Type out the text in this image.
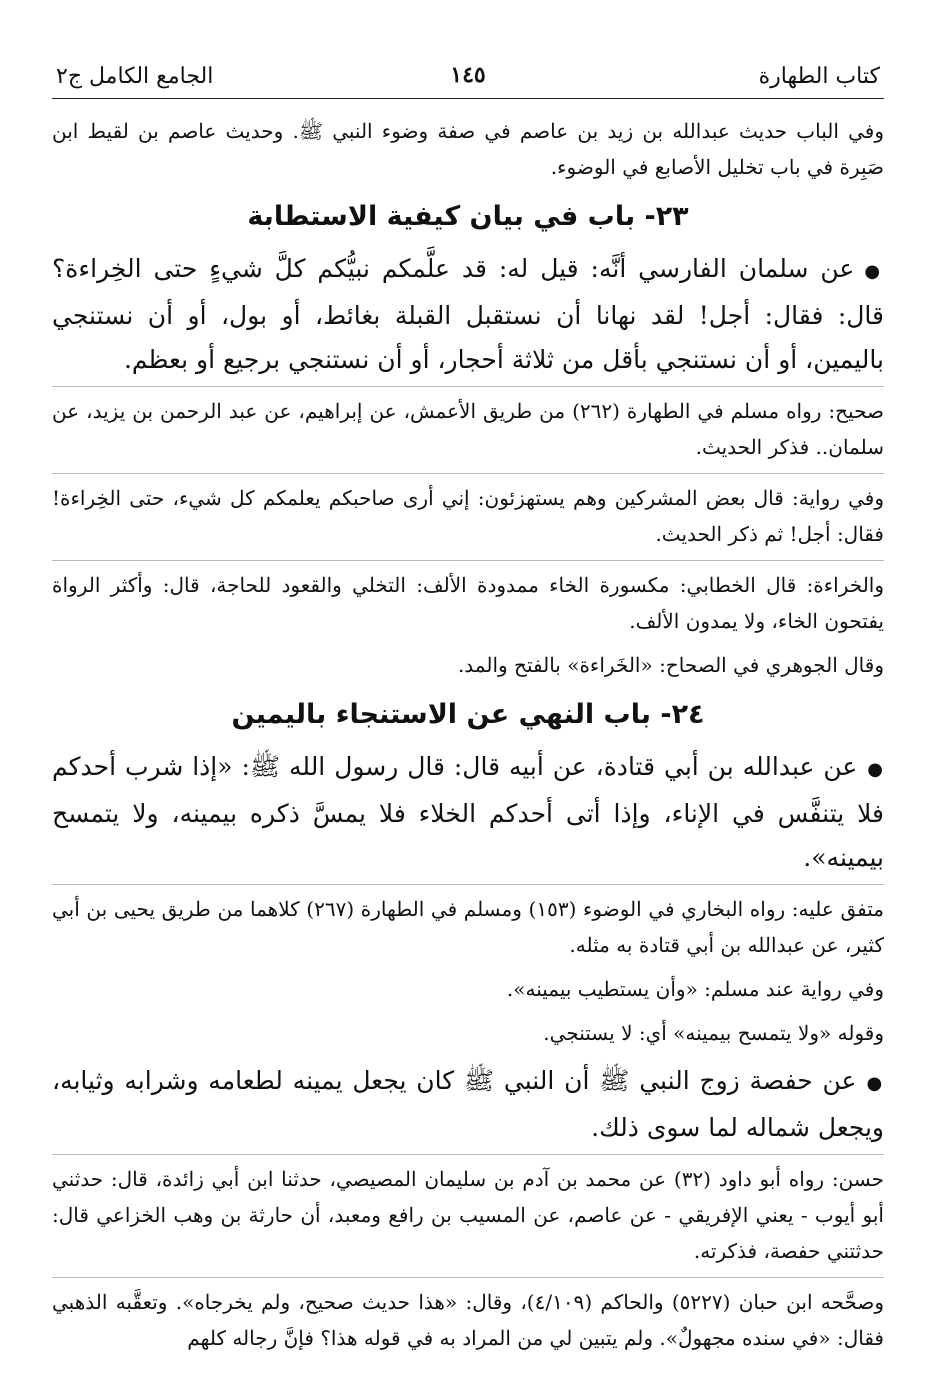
كتاب الطهارة
١٤٥
الجامع الكامل ج٢

وفي الباب حديث عبدالله بن زيد بن عاصم في صفة وضوء النبي ﷺ. وحديث عاصم بن لقيط ابن صَبِرة في باب تخليل الأصابع في الوضوء.

٢٣- باب في بيان كيفية الاستطابة

●عن سلمان الفارسي أنَّه: قيل له: قد علَّمكم نبيُّكم كلَّ شيءٍ حتى الخِراءة؟ قال: فقال: أجل! لقد نهانا أن نستقبل القبلة بغائط، أو بول، أو أن نستنجي باليمين، أو أن نستنجي بأقل من ثلاثة أحجار، أو أن نستنجي برجيع أو بعظم.

صحيح: رواه مسلم في الطهارة (٢٦٢) من طريق الأعمش، عن إبراهيم، عن عبد الرحمن بن يزيد، عن سلمان.. فذكر الحديث.

وفي رواية: قال بعض المشركين وهم يستهزئون: إني أرى صاحبكم يعلمكم كل شيء، حتى الخِراءة! فقال: أجل! ثم ذكر الحديث.

والخراءة: قال الخطابي: مكسورة الخاء ممدودة الألف: التخلي والقعود للحاجة، قال: وأكثر الرواة يفتحون الخاء، ولا يمدون الألف.

وقال الجوهري في الصحاح: «الخَراءة» بالفتح والمد.

٢٤- باب النهي عن الاستنجاء باليمين

●عن عبدالله بن أبي قتادة، عن أبيه قال: قال رسول الله ﷺ: «إذا شرب أحدكم فلا يتنفَّس في الإناء، وإذا أتى أحدكم الخلاء فلا يمسَّ ذكره بيمينه، ولا يتمسح بيمينه».

متفق عليه: رواه البخاري في الوضوء (١٥٣) ومسلم في الطهارة (٢٦٧) كلاهما من طريق يحيى بن أبي كثير، عن عبدالله بن أبي قتادة به مثله.

وفي رواية عند مسلم: «وأن يستطيب بيمينه».

وقوله «ولا يتمسح بيمينه» أي: لا يستنجي.

●عن حفصة زوج النبي ﷺ أن النبي ﷺ كان يجعل يمينه لطعامه وشرابه وثيابه، ويجعل شماله لما سوى ذلك.

حسن: رواه أبو داود (٣٢) عن محمد بن آدم بن سليمان المصيصي، حدثنا ابن أبي زائدة، قال: حدثني أبو أيوب - يعني الإفريقي - عن عاصم، عن المسيب بن رافع ومعبد، أن حارثة بن وهب الخزاعي قال: حدثتني حفصة، فذكرته.

وصحَّحه ابن حبان (٥٢٢٧) والحاكم (٤/١٠٩)، وقال: «هذا حديث صحيح، ولم يخرجاه». وتعقَّبه الذهبي فقال: «في سنده مجهولٌ». ولم يتبين لي من المراد به في قوله هذا؟ فإنَّ رجاله كلهم
